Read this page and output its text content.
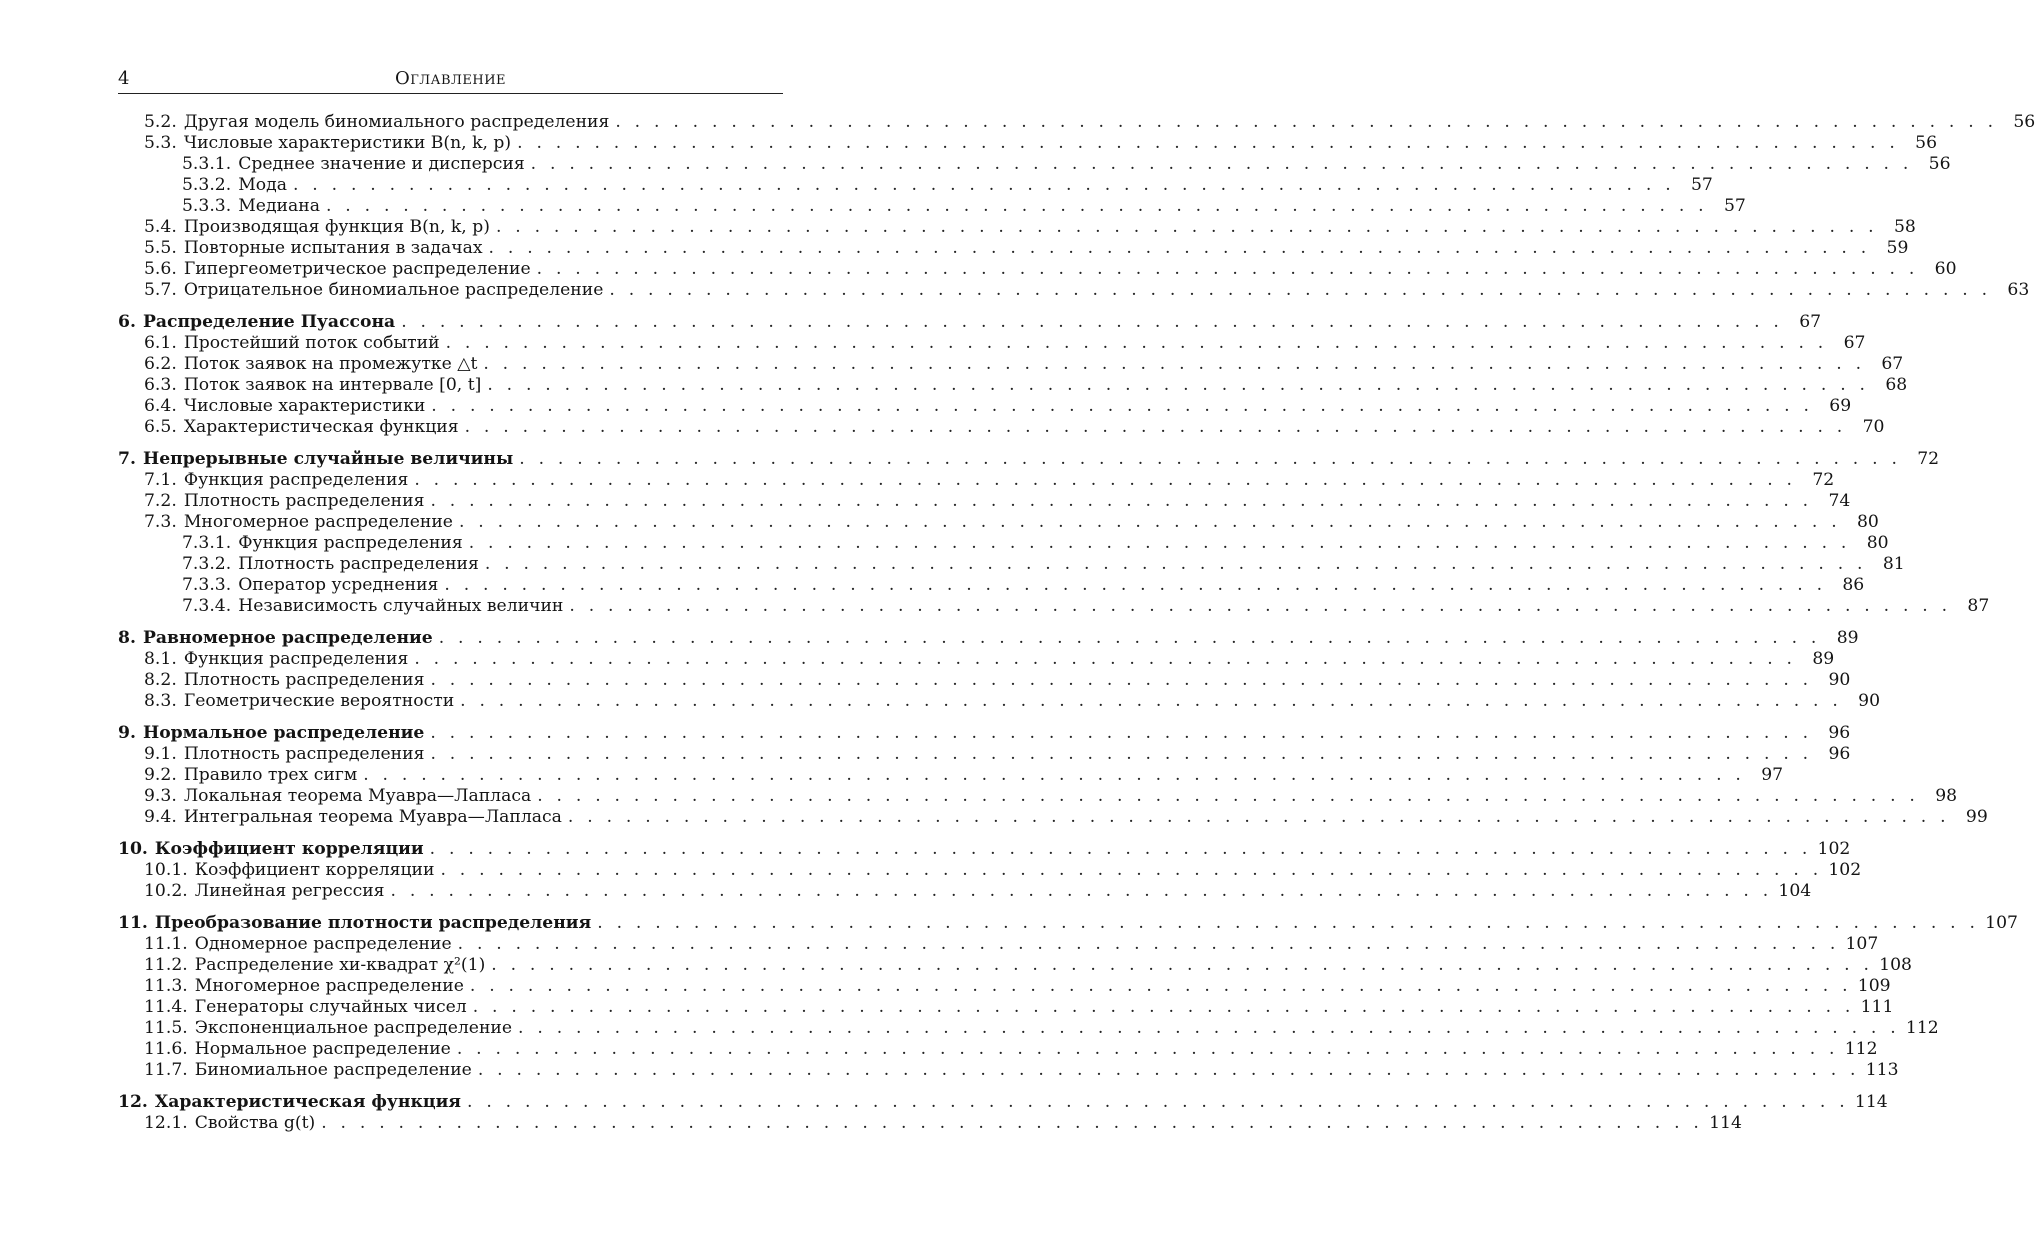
4	Оглавление
5.2. Другая модель биномиального распределения . . .	56
5.3. Числовые характеристики B(n, k, p) . . .	56
5.3.1. Среднее значение и дисперсия . . .	56
5.3.2. Мода . . .	57
5.3.3. Медиана . . .	57
5.4. Производящая функция B(n, k, p) . . .	58
5.5. Повторные испытания в задачах . . .	59
5.6. Гипергеометрическое распределение . . .	60
5.7. Отрицательное биномиальное распределение . . .	63
6. Распределение Пуассона . . .	67
6.1. Простейший поток событий . . .	67
6.2. Поток заявок на промежутке △t . . .	67
6.3. Поток заявок на интервале [0, t] . . .	68
6.4. Числовые характеристики . . .	69
6.5. Характеристическая функция . . .	70
7. Непрерывные случайные величины . . .	72
7.1. Функция распределения . . .	72
7.2. Плотность распределения . . .	74
7.3. Многомерное распределение . . .	80
7.3.1. Функция распределения . . .	80
7.3.2. Плотность распределения . . .	81
7.3.3. Оператор усреднения . . .	86
7.3.4. Независимость случайных величин . . .	87
8. Равномерное распределение . . .	89
8.1. Функция распределения . . .	89
8.2. Плотность распределения . . .	90
8.3. Геометрические вероятности . . .	90
9. Нормальное распределение . . .	96
9.1. Плотность распределения . . .	96
9.2. Правило трех сигм . . .	97
9.3. Локальная теорема Муавра—Лапласа . . .	98
9.4. Интегральная теорема Муавра—Лапласа . . .	99
10. Коэффициент корреляции . . .	102
10.1. Коэффициент корреляции . . .	102
10.2. Линейная регрессия . . .	104
11. Преобразование плотности распределения . . .	107
11.1. Одномерное распределение . . .	107
11.2. Распределение хи-квадрат χ²(1) . . .	108
11.3. Многомерное распределение . . .	109
11.4. Генераторы случайных чисел . . .	111
11.5. Экспоненциальное распределение . . .	112
11.6. Нормальное распределение . . .	112
11.7. Биномиальное распределение . . .	113
12. Характеристическая функция . . .	114
12.1. Свойства g(t) . . .	114
